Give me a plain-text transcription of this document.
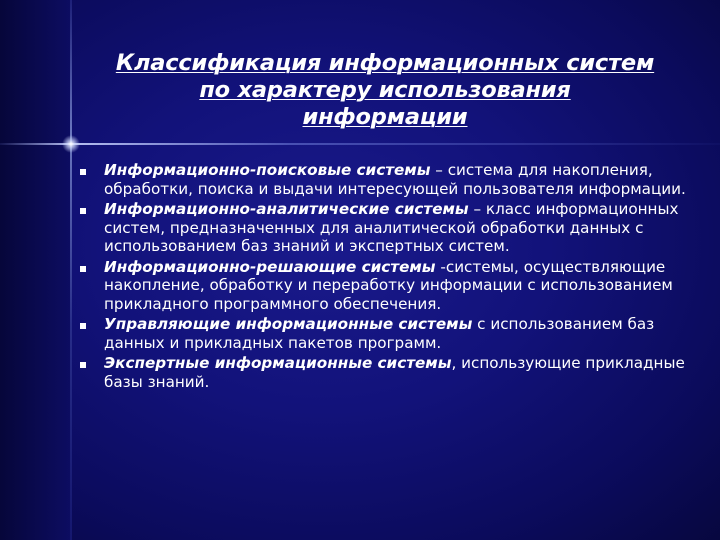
Классификация информационных систем
по характеру использования
информации
Информационно-поисковые системы – система для накопления, обработки, поиска и выдачи интересующей пользователя информации.
Информационно-аналитические системы – класс информационных систем, предназначенных для аналитической обработки данных с использованием баз знаний и экспертных систем.
Информационно-решающие системы -системы, осуществляющие накопление, обработку и переработку информации с использованием прикладного программного обеспечения.
Управляющие информационные системы с использованием баз данных и прикладных пакетов программ.
Экспертные информационные системы, использующие прикладные базы знаний.
